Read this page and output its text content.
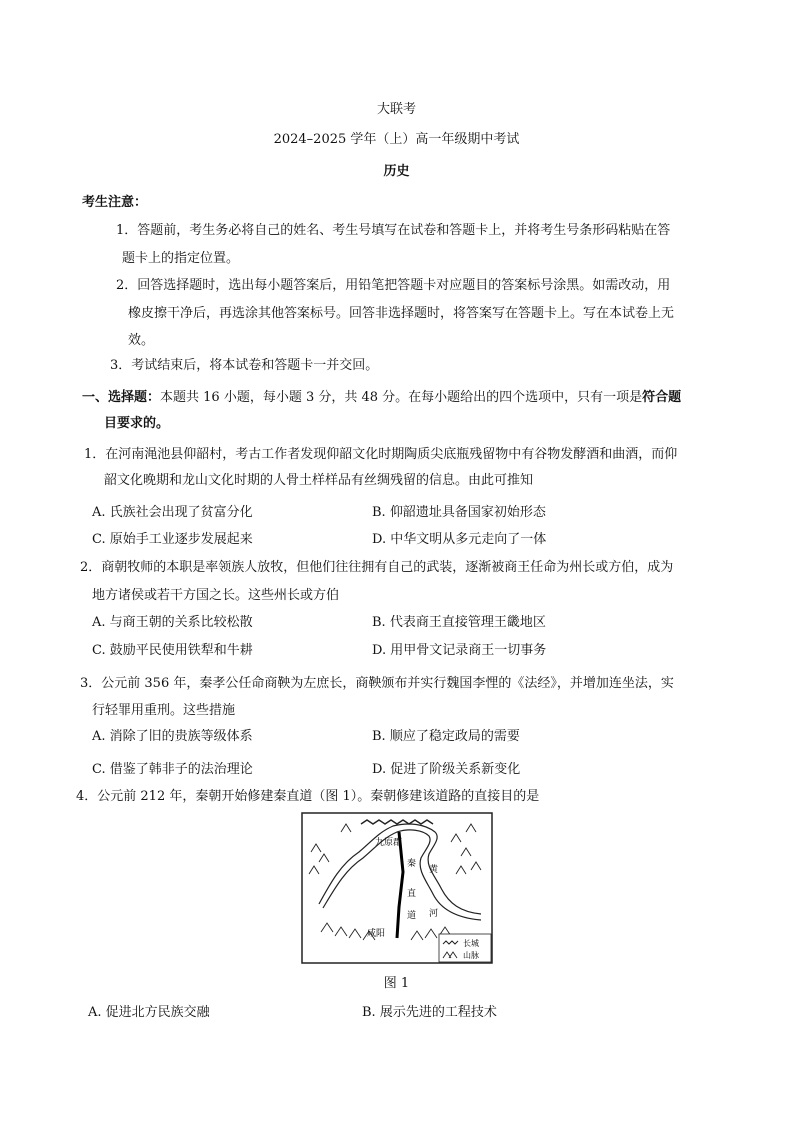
大联考
2024–2025 学年（上）高一年级期中考试
历史
考生注意：
1．答题前，考生务必将自己的姓名、考生号填写在试卷和答题卡上，并将考生号条形码粘贴在答
题卡上的指定位置。
2．回答选择题时，选出每小题答案后，用铅笔把答题卡对应题目的答案标号涂黑。如需改动，用
橡皮擦干净后，再选涂其他答案标号。回答非选择题时，将答案写在答题卡上。写在本试卷上无
效。
3．考试结束后，将本试卷和答题卡一并交回。
一、选择题：本题共 16 小题，每小题 3 分，共 48 分。在每小题给出的四个选项中，只有一项是符合题
目要求的。
1．在河南渑池县仰韶村，考古工作者发现仰韶文化时期陶质尖底瓶残留物中有谷物发酵酒和曲酒，而仰
韶文化晚期和龙山文化时期的人骨土样样品有丝绸残留的信息。由此可推知
A. 氏族社会出现了贫富分化	B. 仰韶遗址具备国家初始形态
C. 原始手工业逐步发展起来	D. 中华文明从多元走向了一体
2．商朝牧师的本职是率领族人放牧，但他们往往拥有自己的武装，逐渐被商王任命为州长或方伯，成为
地方诸侯或若干方国之长。这些州长或方伯
A. 与商王朝的关系比较松散	B. 代表商王直接管理王畿地区
C. 鼓励平民使用铁犁和牛耕	D. 用甲骨文记录商王一切事务
3．公元前 356 年，秦孝公任命商鞅为左庶长，商鞅颁布并实行魏国李悝的《法经》，并增加连坐法，实
行轻罪用重刑。这些措施
A. 消除了旧的贵族等级体系	B. 顺应了稳定政局的需要
C. 借鉴了韩非子的法治理论	D. 促进了阶级关系新变化
4．公元前 212 年，秦朝开始修建秦直道（图 1）。秦朝修建该道路的直接目的是
九原郡
秦
直
道
咸阳
黄
河
长城
山脉
图 1
A. 促进北方民族交融	B. 展示先进的工程技术
